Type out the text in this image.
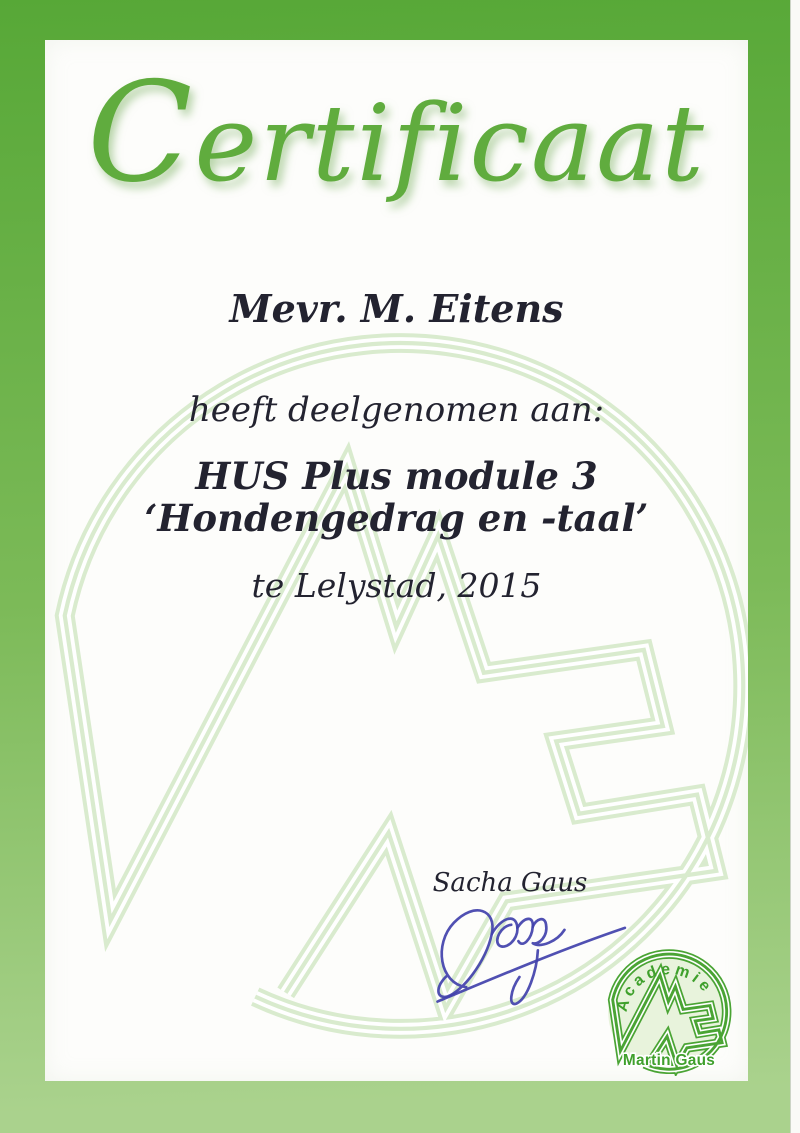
Certificaat
Mevr. M. Eitens
heeft deelgenomen aan:
HUS Plus module 3
‘Hondengedrag en -taal’
te Lelystad, 2015
Sacha Gaus
Academie
Martin Gaus
